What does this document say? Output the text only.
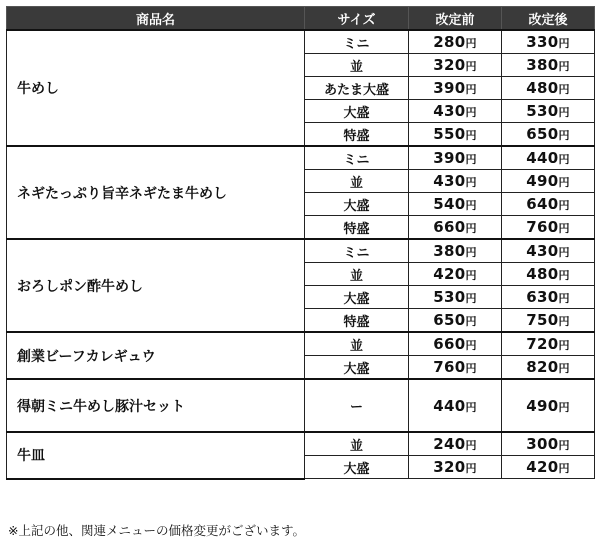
商品名	サイズ	改定前	改定後
牛めし	ミニ	280円	330円
	並	320円	380円
	あたま大盛	390円	480円
	大盛	430円	530円
	特盛	550円	650円
ネギたっぷり旨辛ネギたま牛めし	ミニ	390円	440円
	並	430円	490円
	大盛	540円	640円
	特盛	660円	760円
おろしポン酢牛めし	ミニ	380円	430円
	並	420円	480円
	大盛	530円	630円
	特盛	650円	750円
創業ビーフカレギュウ	並	660円	720円
	大盛	760円	820円
得朝ミニ牛めし豚汁セット	ー	440円	490円
牛皿	並	240円	300円
	大盛	320円	420円
※上記の他、関連メニューの価格変更がございます。
